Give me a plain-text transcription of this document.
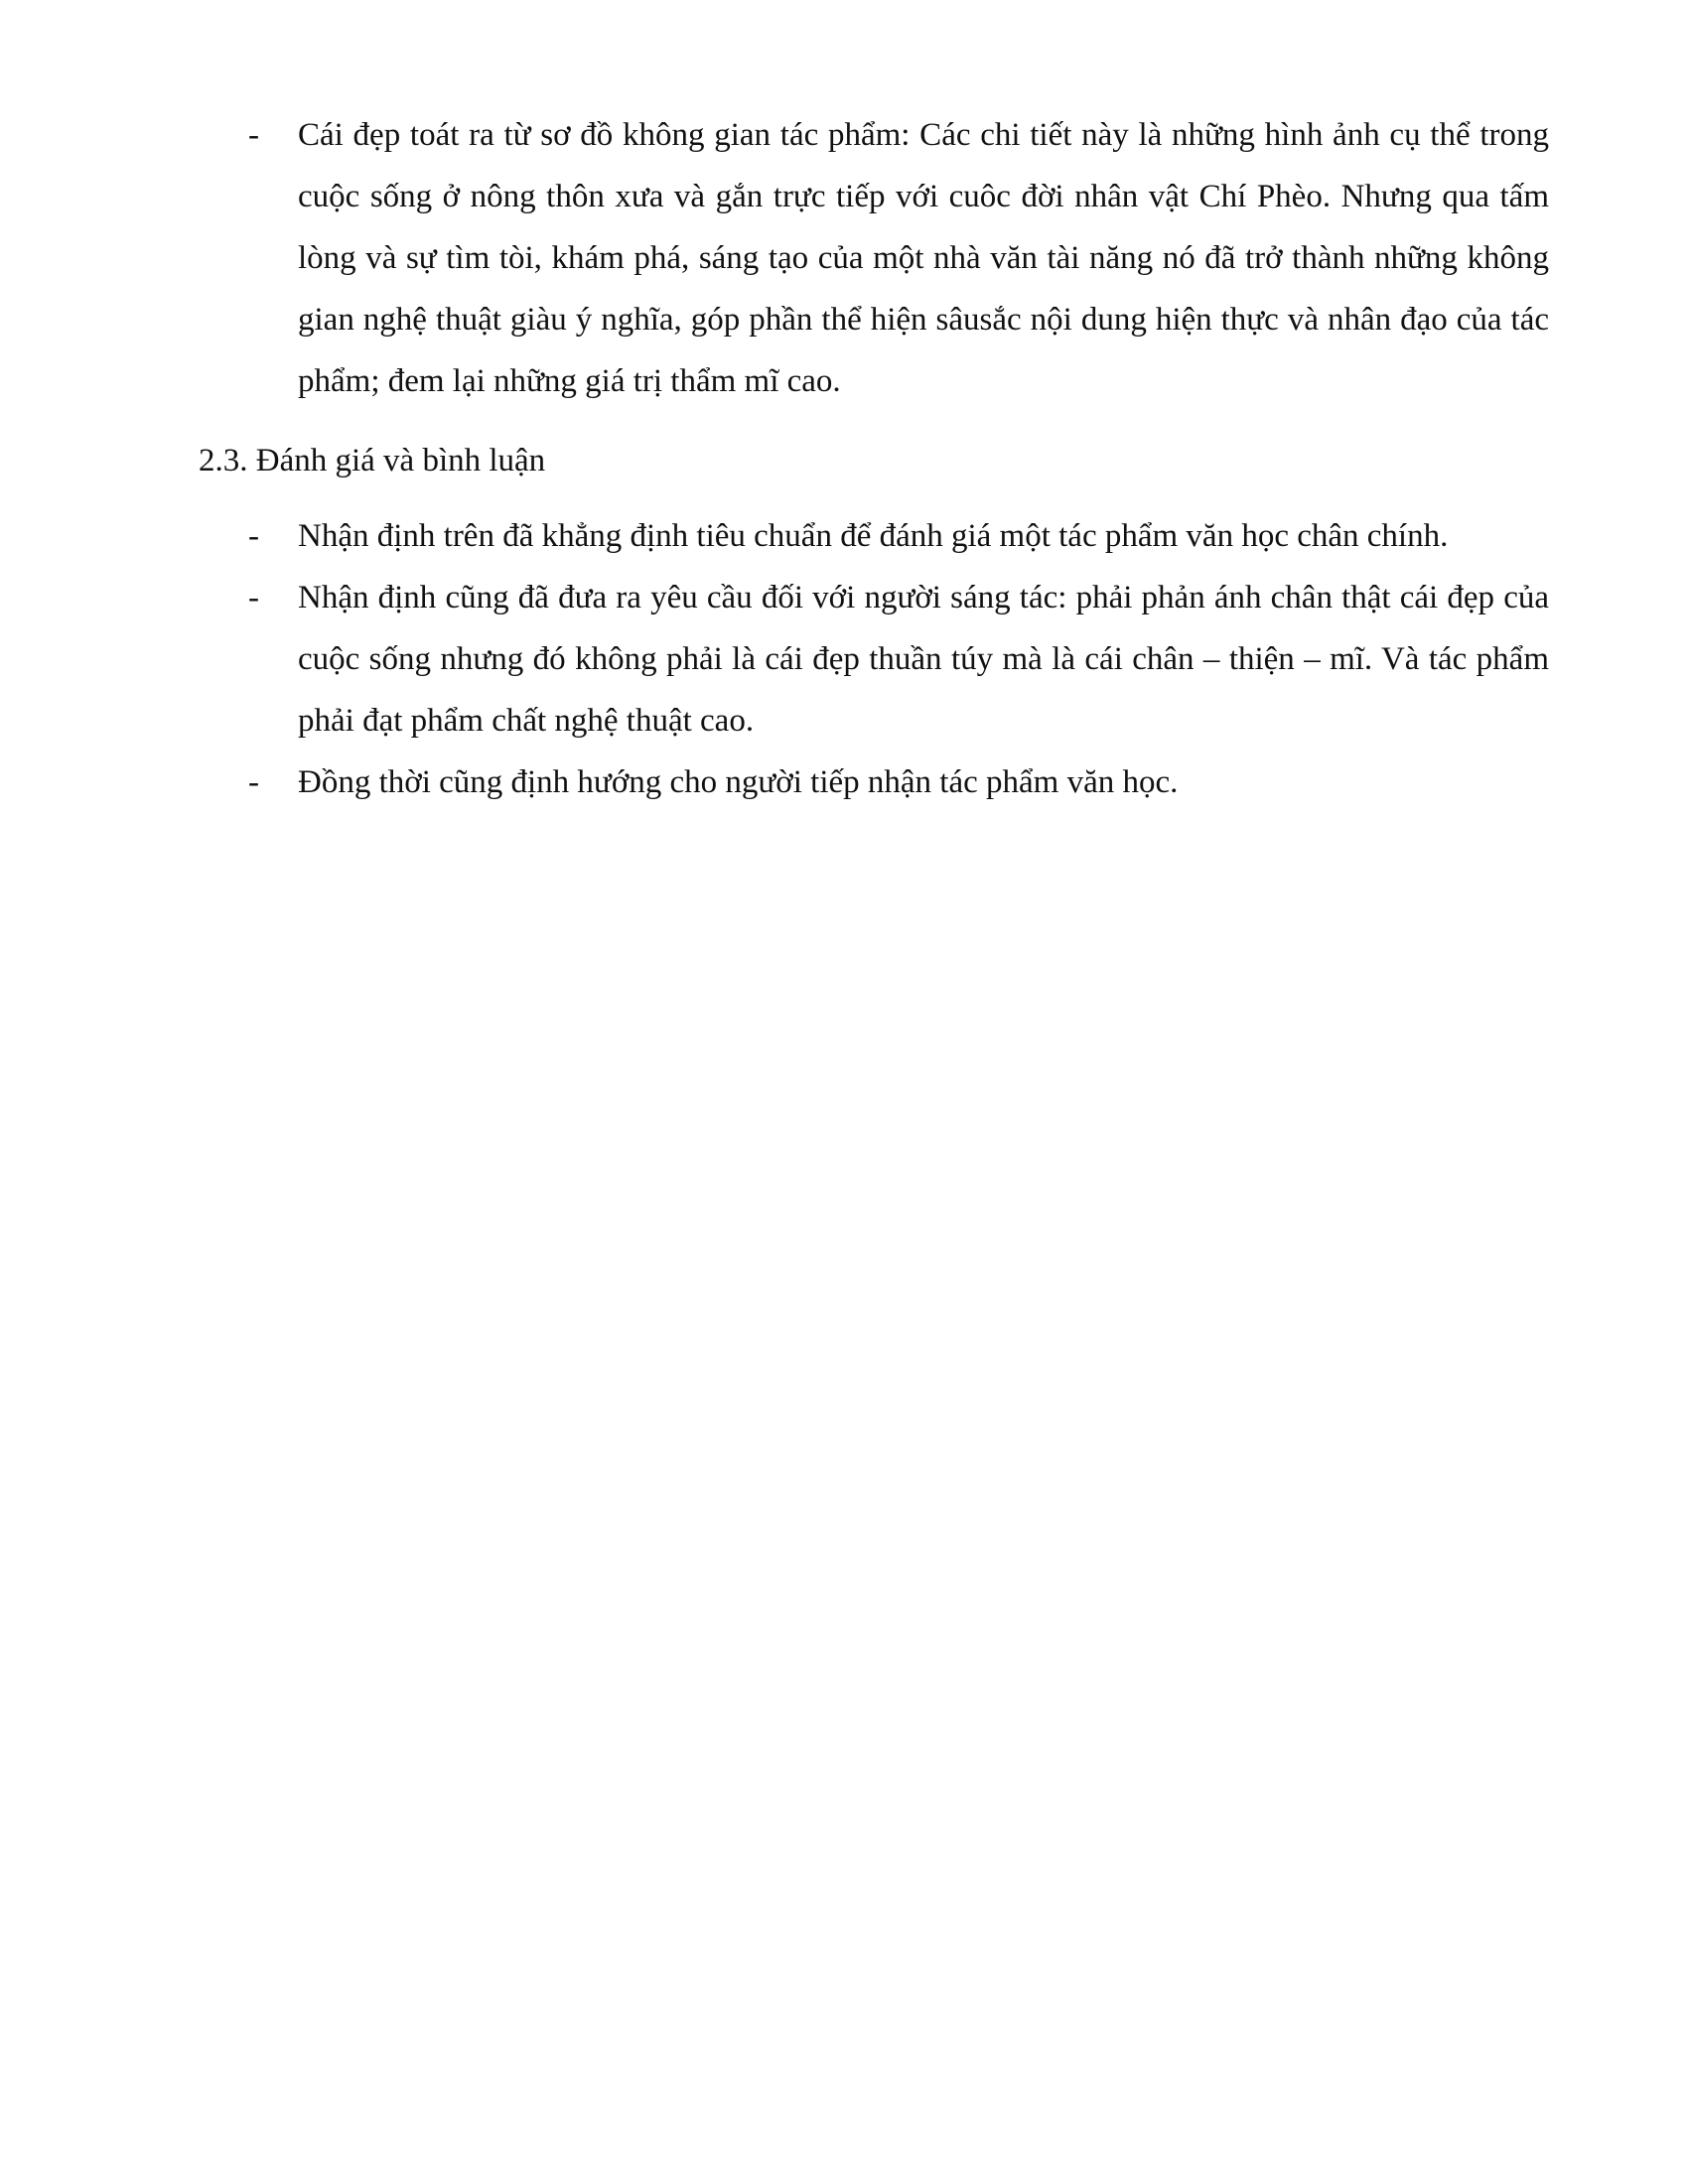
- Cái đẹp toát ra từ sơ đồ không gian tác phẩm: Các chi tiết này là những hình ảnh cụ thể trong cuộc sống ở nông thôn xưa và gắn trực tiếp với cuôc đời nhân vật Chí Phèo. Nhưng qua tấm lòng và sự tìm tòi, khám phá, sáng tạo của một nhà văn tài năng nó đã trở thành những không gian nghệ thuật giàu ý nghĩa, góp phần thể hiện sâusắc nội dung hiện thực và nhân đạo của tác phẩm; đem lại những giá trị thẩm mĩ cao.
2.3. Đánh giá và bình luận
- Nhận định trên đã khẳng định tiêu chuẩn để đánh giá một tác phẩm văn học chân chính.
- Nhận định cũng đã đưa ra yêu cầu đối với người sáng tác: phải phản ánh chân thật cái đẹp của cuộc sống nhưng đó không phải là cái đẹp thuần túy mà là cái chân – thiện – mĩ. Và tác phẩm phải đạt phẩm chất nghệ thuật cao.
- Đồng thời cũng định hướng cho người tiếp nhận tác phẩm văn học.
